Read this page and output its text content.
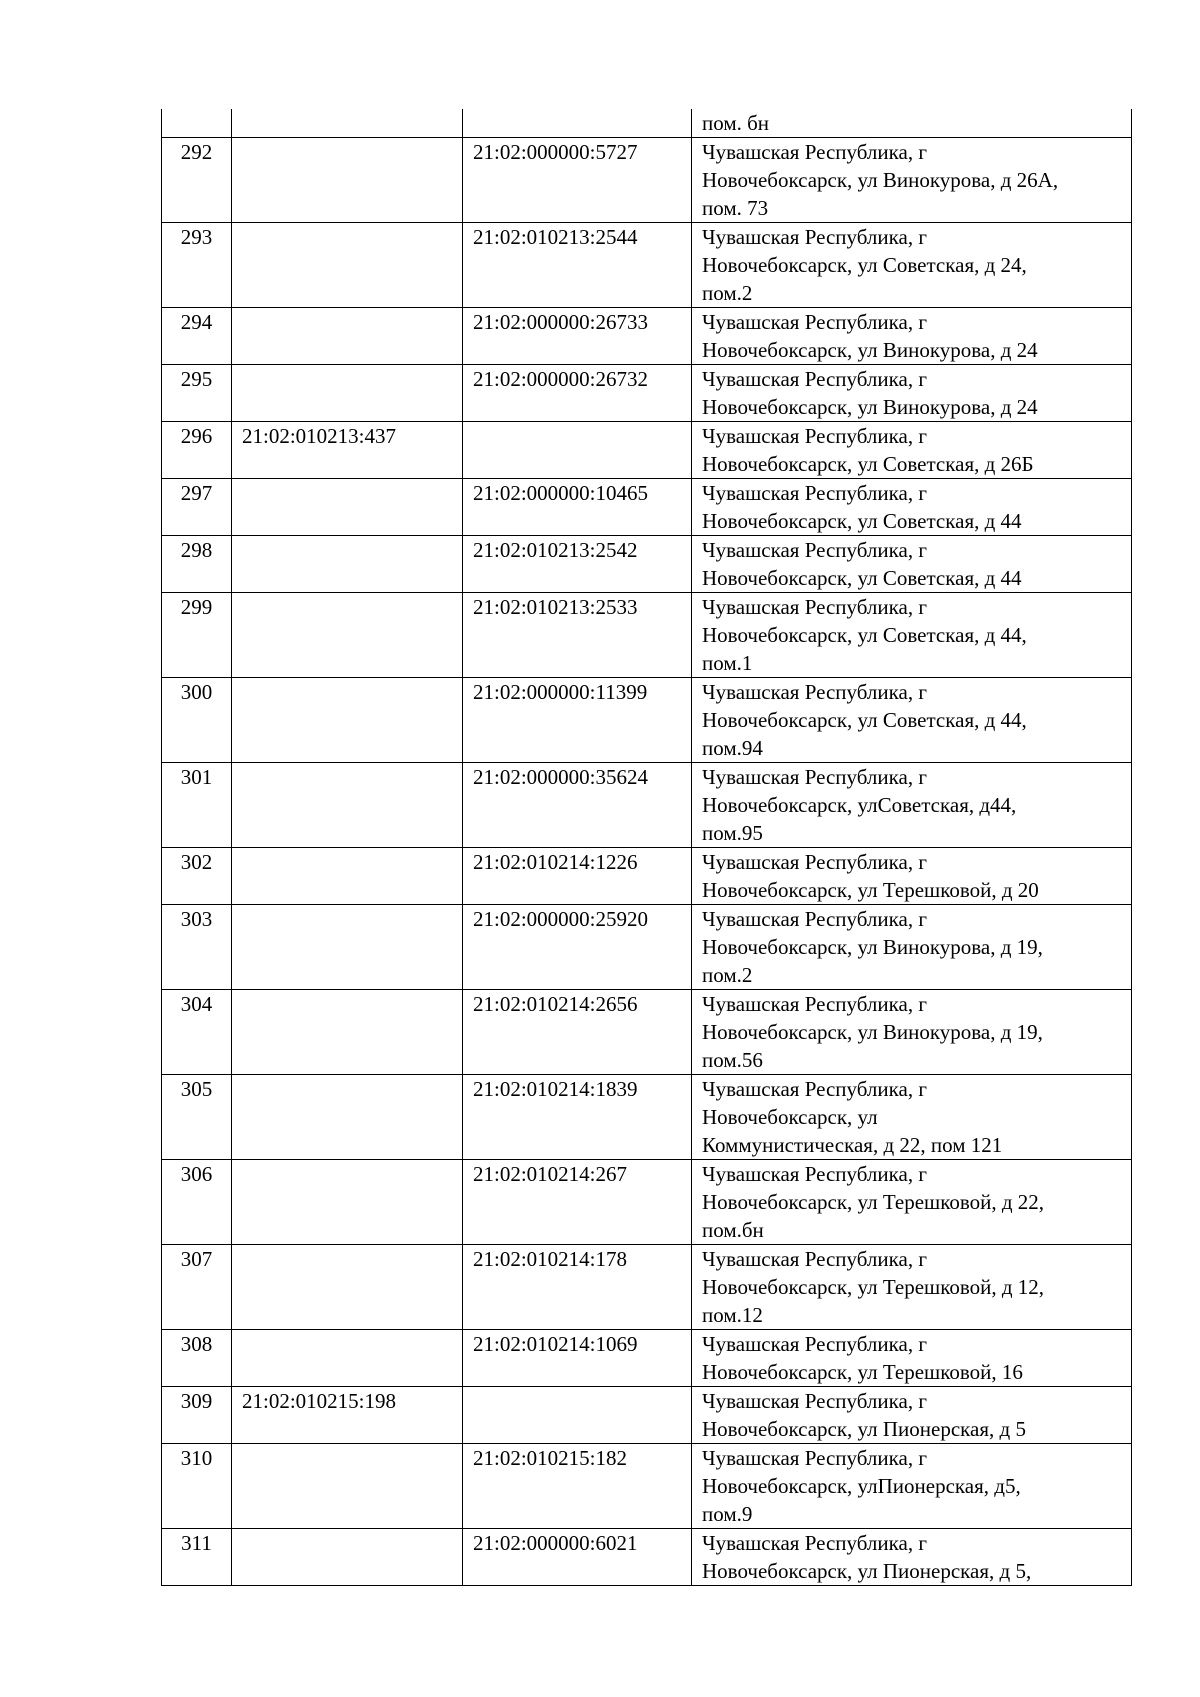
			пом. бн

292		21:02:000000:5727	Чувашская Республика, г
Новочебоксарск, ул Винокурова, д 26А,
пом. 73

293		21:02:010213:2544	Чувашская Республика, г
Новочебоксарск, ул Советская, д 24,
пом.2

294		21:02:000000:26733	Чувашская Республика, г
Новочебоксарск, ул Винокурова, д 24

295		21:02:000000:26732	Чувашская Республика, г
Новочебоксарск, ул Винокурова, д 24

296	21:02:010213:437		Чувашская Республика, г
Новочебоксарск, ул Советская, д 26Б

297		21:02:000000:10465	Чувашская Республика, г
Новочебоксарск, ул Советская, д 44

298		21:02:010213:2542	Чувашская Республика, г
Новочебоксарск, ул Советская, д 44

299		21:02:010213:2533	Чувашская Республика, г
Новочебоксарск, ул Советская, д 44,
пом.1

300		21:02:000000:11399	Чувашская Республика, г
Новочебоксарск, ул Советская, д 44,
пом.94

301		21:02:000000:35624	Чувашская Республика, г
Новочебоксарск, улСоветская, д44,
пом.95

302		21:02:010214:1226	Чувашская Республика, г
Новочебоксарск, ул Терешковой, д 20

303		21:02:000000:25920	Чувашская Республика, г
Новочебоксарск, ул Винокурова, д 19,
пом.2

304		21:02:010214:2656	Чувашская Республика, г
Новочебоксарск, ул Винокурова, д 19,
пом.56

305		21:02:010214:1839	Чувашская Республика, г
Новочебоксарск, ул
Коммунистическая, д 22, пом 121

306		21:02:010214:267	Чувашская Республика, г
Новочебоксарск, ул Терешковой, д 22,
пом.бн

307		21:02:010214:178	Чувашская Республика, г
Новочебоксарск, ул Терешковой, д 12,
пом.12

308		21:02:010214:1069	Чувашская Республика, г
Новочебоксарск, ул Терешковой, 16

309	21:02:010215:198		Чувашская Республика, г
Новочебоксарск, ул Пионерская, д 5

310		21:02:010215:182	Чувашская Республика, г
Новочебоксарск, улПионерская, д5,
пом.9

311		21:02:000000:6021	Чувашская Республика, г
Новочебоксарск, ул Пионерская, д 5,
